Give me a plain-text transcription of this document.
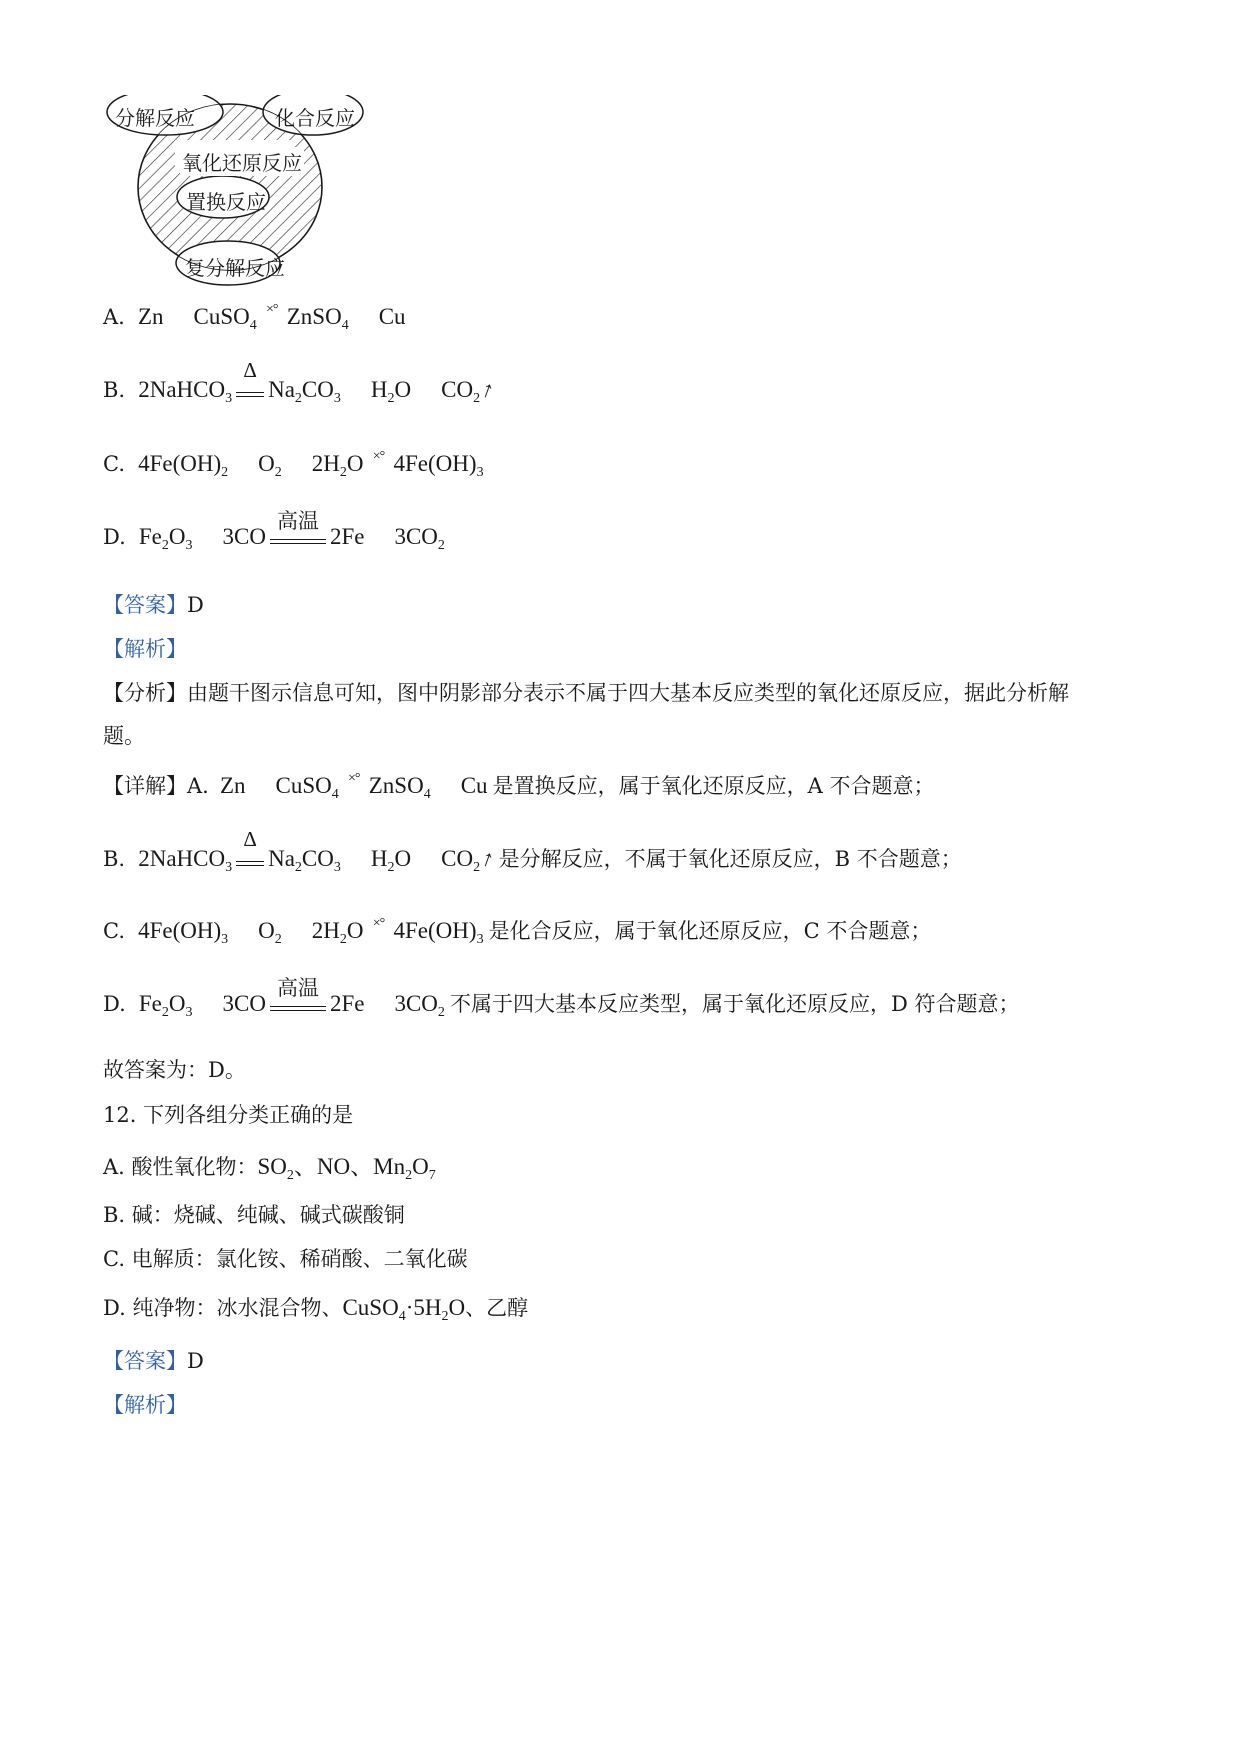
分解反应	化合反应
氧化还原反应
置换反应
复分解反应
A. Zn CuSO$_4$×° ZnSO$_4$ Cu
B. 2NaHCO$_3$
Δ
$Na_2CO_3$ $H_2O$ $CO_2↑$
C. $4Fe(OH)_2$ $O_2$ $2H_2O$ ×° $4Fe(OH)_3$
D. $Fe_2O_3$ 3CO
高温
2Fe $3CO_2$
【答案】D
【解析】
【分析】由题干图示信息可知，图中阴影部分表示不属于四大基本反应类型的氧化还原反应，据此分析解
题。
【详解】A. Zn CuSO$_4$×° ZnSO$_4$ Cu 是置换反应，属于氧化还原反应，A 不合题意；
B. 2NaHCO$_3$
Δ
$Na_2CO_3$ $H_2O$ $CO_2↑$ 是分解反应，不属于氧化还原反应，B 不合题意；
C. $4Fe(OH)_3$ $O_2$ $2H_2O$ ×° $4Fe(OH)_3$ 是化合反应，属于氧化还原反应，C 不合题意；
D. $Fe_2O_3$ 3CO
高温
2Fe $3CO_2$ 不属于四大基本反应类型，属于氧化还原反应，D 符合题意；
故答案为：D。
12. 下列各组分类正确的是
A. 酸性氧化物：$SO_2$、NO、$Mn_2O_7$
B. 碱：烧碱、纯碱、碱式碳酸铜
C. 电解质：氯化铵、稀硝酸、二氧化碳
D. 纯净物：冰水混合物、$CuSO_4\cdot 5H_2O$、乙醇
【答案】D
【解析】
